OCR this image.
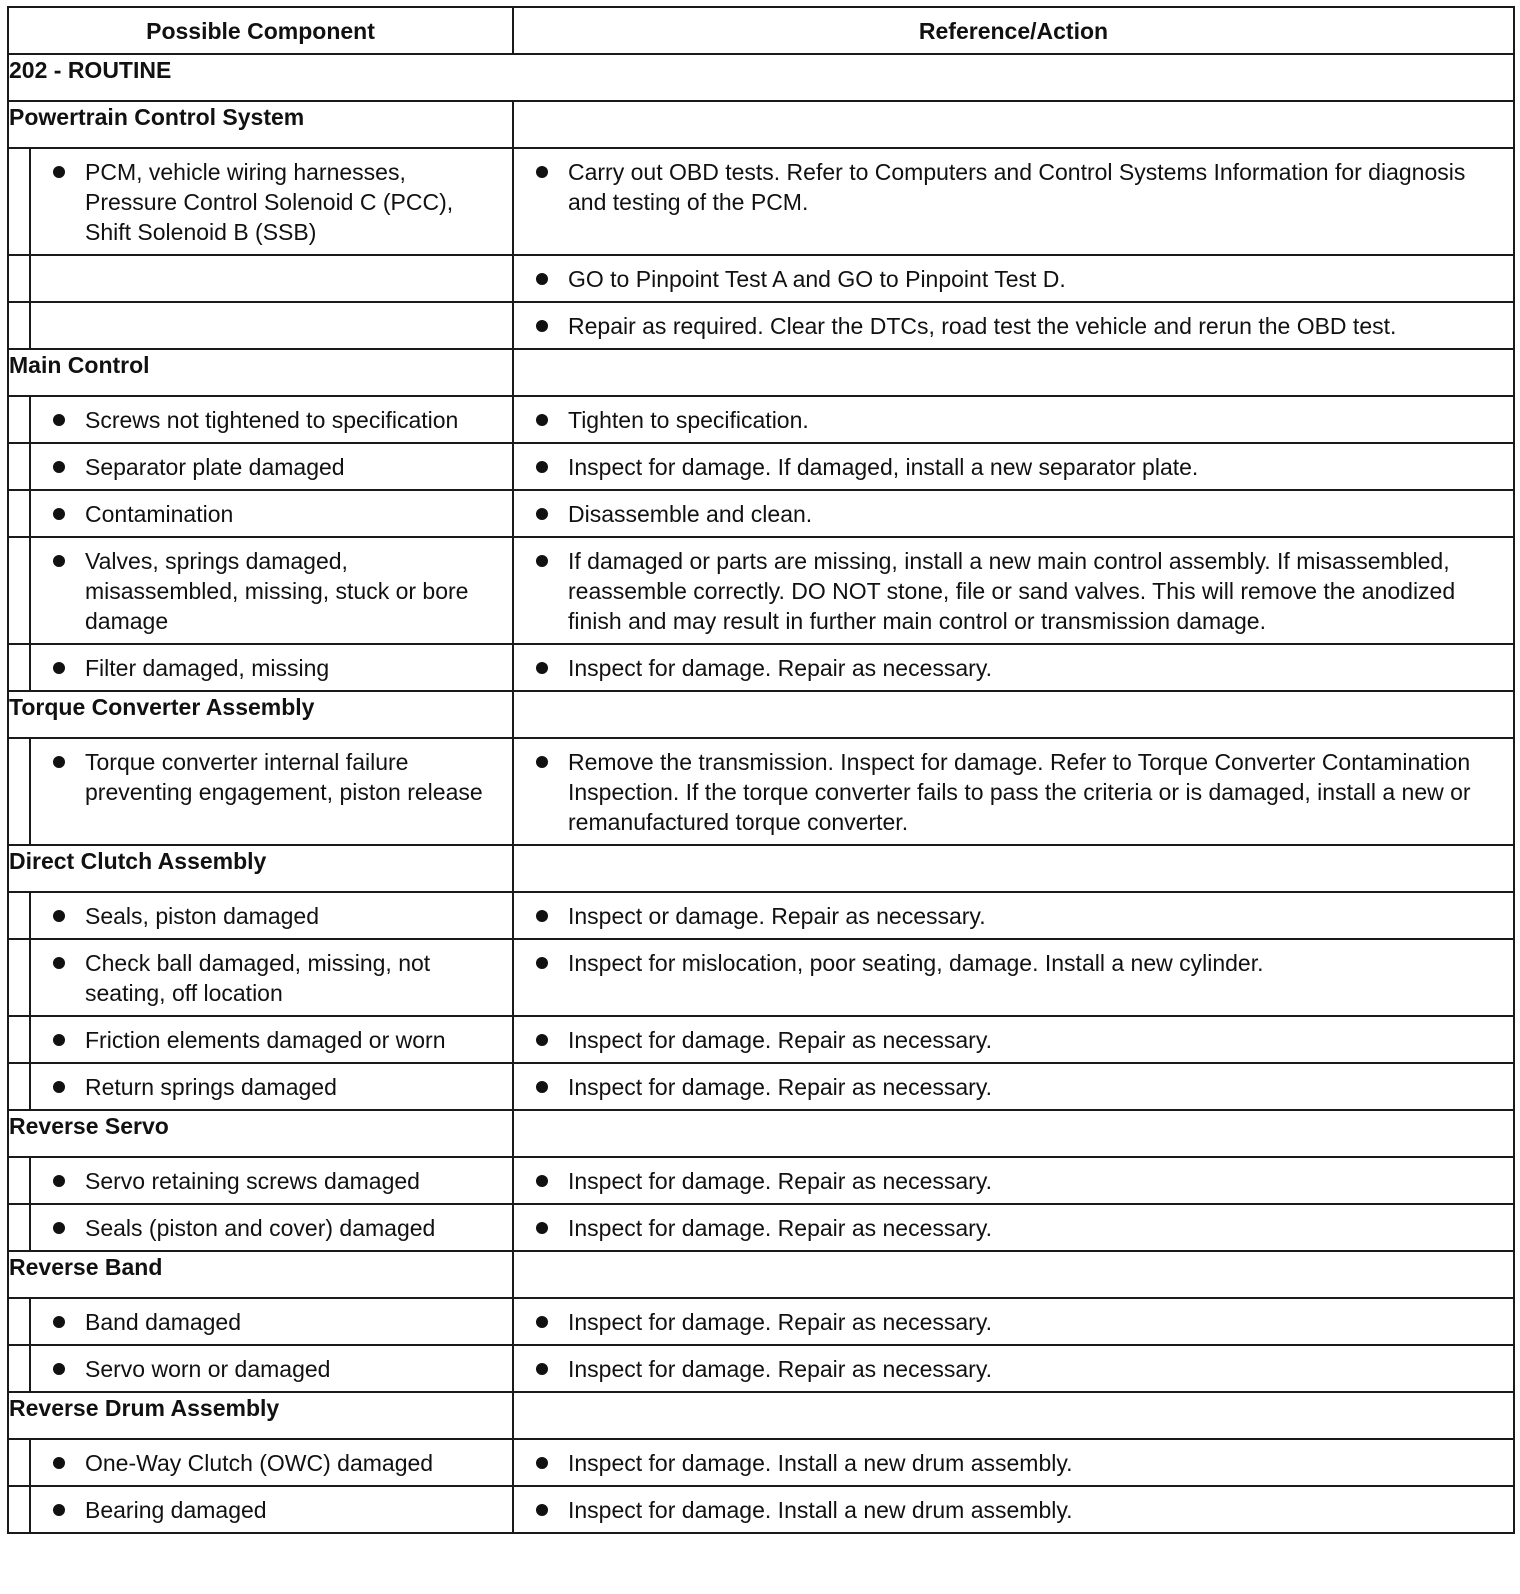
Possible Component		Reference/Action
202 - ROUTINE		
Powertrain Control System		

	PCM, vehicle wiring harnesses, Pressure Control Solenoid C (PCC), Shift Solenoid B (SSB)	Carry out OBD tests. Refer to Computers and Control Systems Information for diagnosis and testing of the PCM.

		GO to Pinpoint Test A and GO to Pinpoint Test D.

		Repair as required. Clear the DTCs, road test the vehicle and rerun the OBD test.

Main Control		

	Screws not tightened to specification	Tighten to specification.

	Separator plate damaged	Inspect for damage. If damaged, install a new separator plate.

	Contamination	Disassemble and clean.

	Valves, springs damaged, misassembled, missing, stuck or bore damage	If damaged or parts are missing, install a new main control assembly. If misassembled, reassemble correctly. DO NOT stone, file or sand valves. This will remove the anodized finish and may result in further main control or transmission damage.

	Filter damaged, missing	Inspect for damage. Repair as necessary.

Torque Converter Assembly		

	Torque converter internal failure preventing engagement, piston release	Remove the transmission. Inspect for damage. Refer to Torque Converter Contamination Inspection. If the torque converter fails to pass the criteria or is damaged, install a new or remanufactured torque converter.

Direct Clutch Assembly		

	Seals, piston damaged	Inspect or damage. Repair as necessary.

	Check ball damaged, missing, not seating, off location	Inspect for mislocation, poor seating, damage. Install a new cylinder.

	Friction elements damaged or worn	Inspect for damage. Repair as necessary.

	Return springs damaged	Inspect for damage. Repair as necessary.

Reverse Servo		

	Servo retaining screws damaged	Inspect for damage. Repair as necessary.

	Seals (piston and cover) damaged	Inspect for damage. Repair as necessary.

Reverse Band		

	Band damaged	Inspect for damage. Repair as necessary.

	Servo worn or damaged	Inspect for damage. Repair as necessary.

Reverse Drum Assembly		

	One-Way Clutch (OWC) damaged	Inspect for damage. Install a new drum assembly.

	Bearing damaged	Inspect for damage. Install a new drum assembly.
